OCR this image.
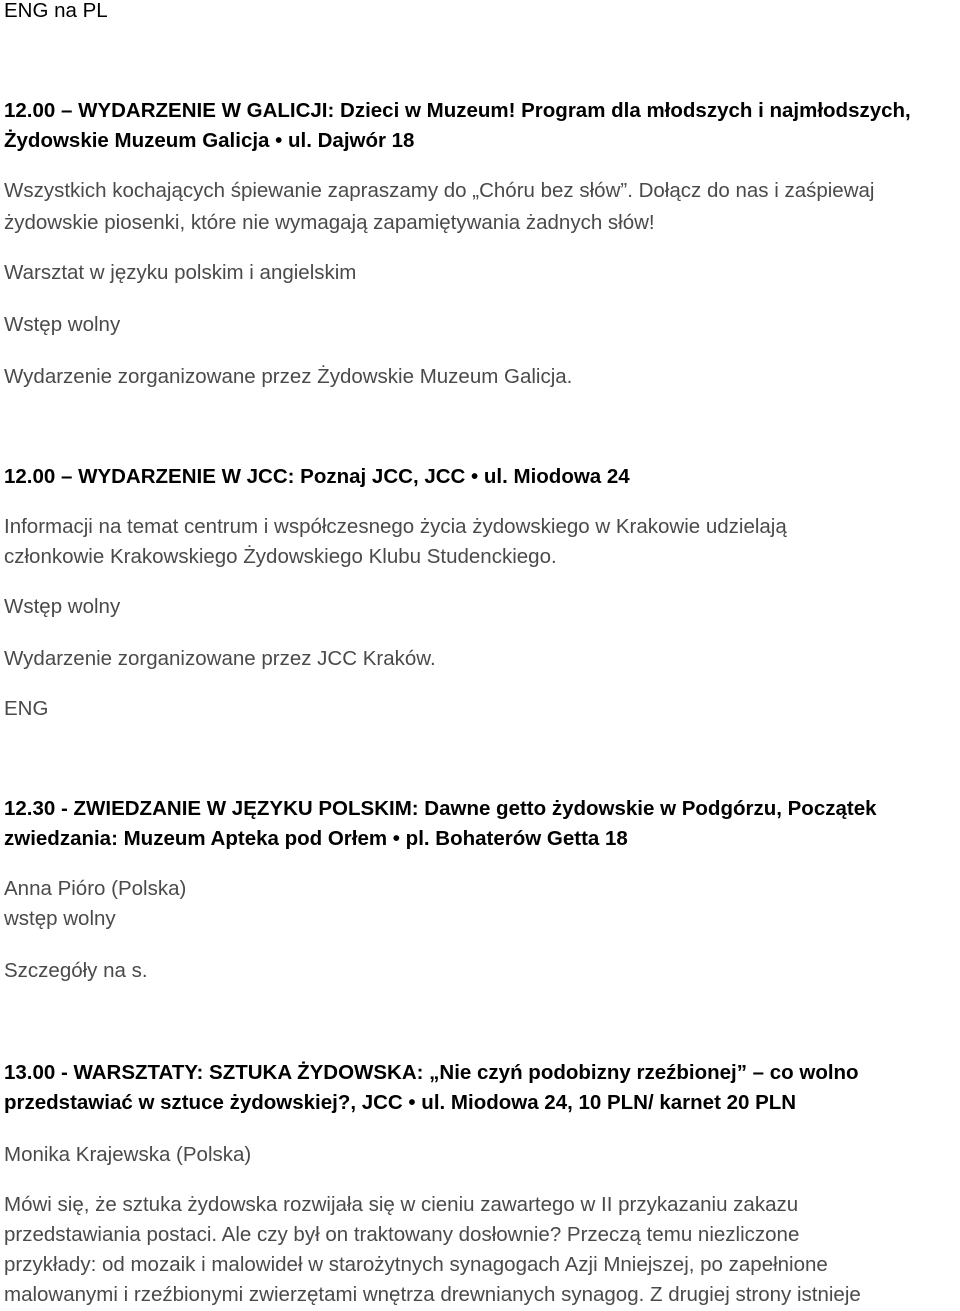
ENG na PL
12.00 – WYDARZENIE W GALICJI: Dzieci w Muzeum! Program dla młodszych i najmłodszych,
Żydowskie Muzeum Galicja • ul. Dajwór 18
Wszystkich kochających śpiewanie zapraszamy do „Chóru bez słów”. Dołącz do nas i zaśpiewaj
żydowskie piosenki, które nie wymagają zapamiętywania żadnych słów!
Warsztat w języku polskim i angielskim
Wstęp wolny
Wydarzenie zorganizowane przez Żydowskie Muzeum Galicja.
12.00 – WYDARZENIE W JCC: Poznaj JCC, JCC • ul. Miodowa 24
Informacji na temat centrum i współczesnego życia żydowskiego w Krakowie udzielają
członkowie Krakowskiego Żydowskiego Klubu Studenckiego.
Wstęp wolny
Wydarzenie zorganizowane przez JCC Kraków.
ENG
12.30 - ZWIEDZANIE W JĘZYKU POLSKIM: Dawne getto żydowskie w Podgórzu, Początek
zwiedzania: Muzeum Apteka pod Orłem • pl. Bohaterów Getta 18
Anna Pióro (Polska)
wstęp wolny
Szczegóły na s.
13.00 - WARSZTATY: SZTUKA ŻYDOWSKA: „Nie czyń podobizny rzeźbionej” – co wolno
przedstawiać w sztuce żydowskiej?, JCC • ul. Miodowa 24, 10 PLN/ karnet 20 PLN
Monika Krajewska (Polska)
Mówi się, że sztuka żydowska rozwijała się w cieniu zawartego w II przykazaniu zakazu
przedstawiania postaci. Ale czy był on traktowany dosłownie? Przeczą temu niezliczone
przykłady: od mozaik i malowideł w starożytnych synagogach Azji Mniejszej, po zapełnione
malowanymi i rzeźbionymi zwierzętami wnętrza drewnianych synagog. Z drugiej strony istnieje
